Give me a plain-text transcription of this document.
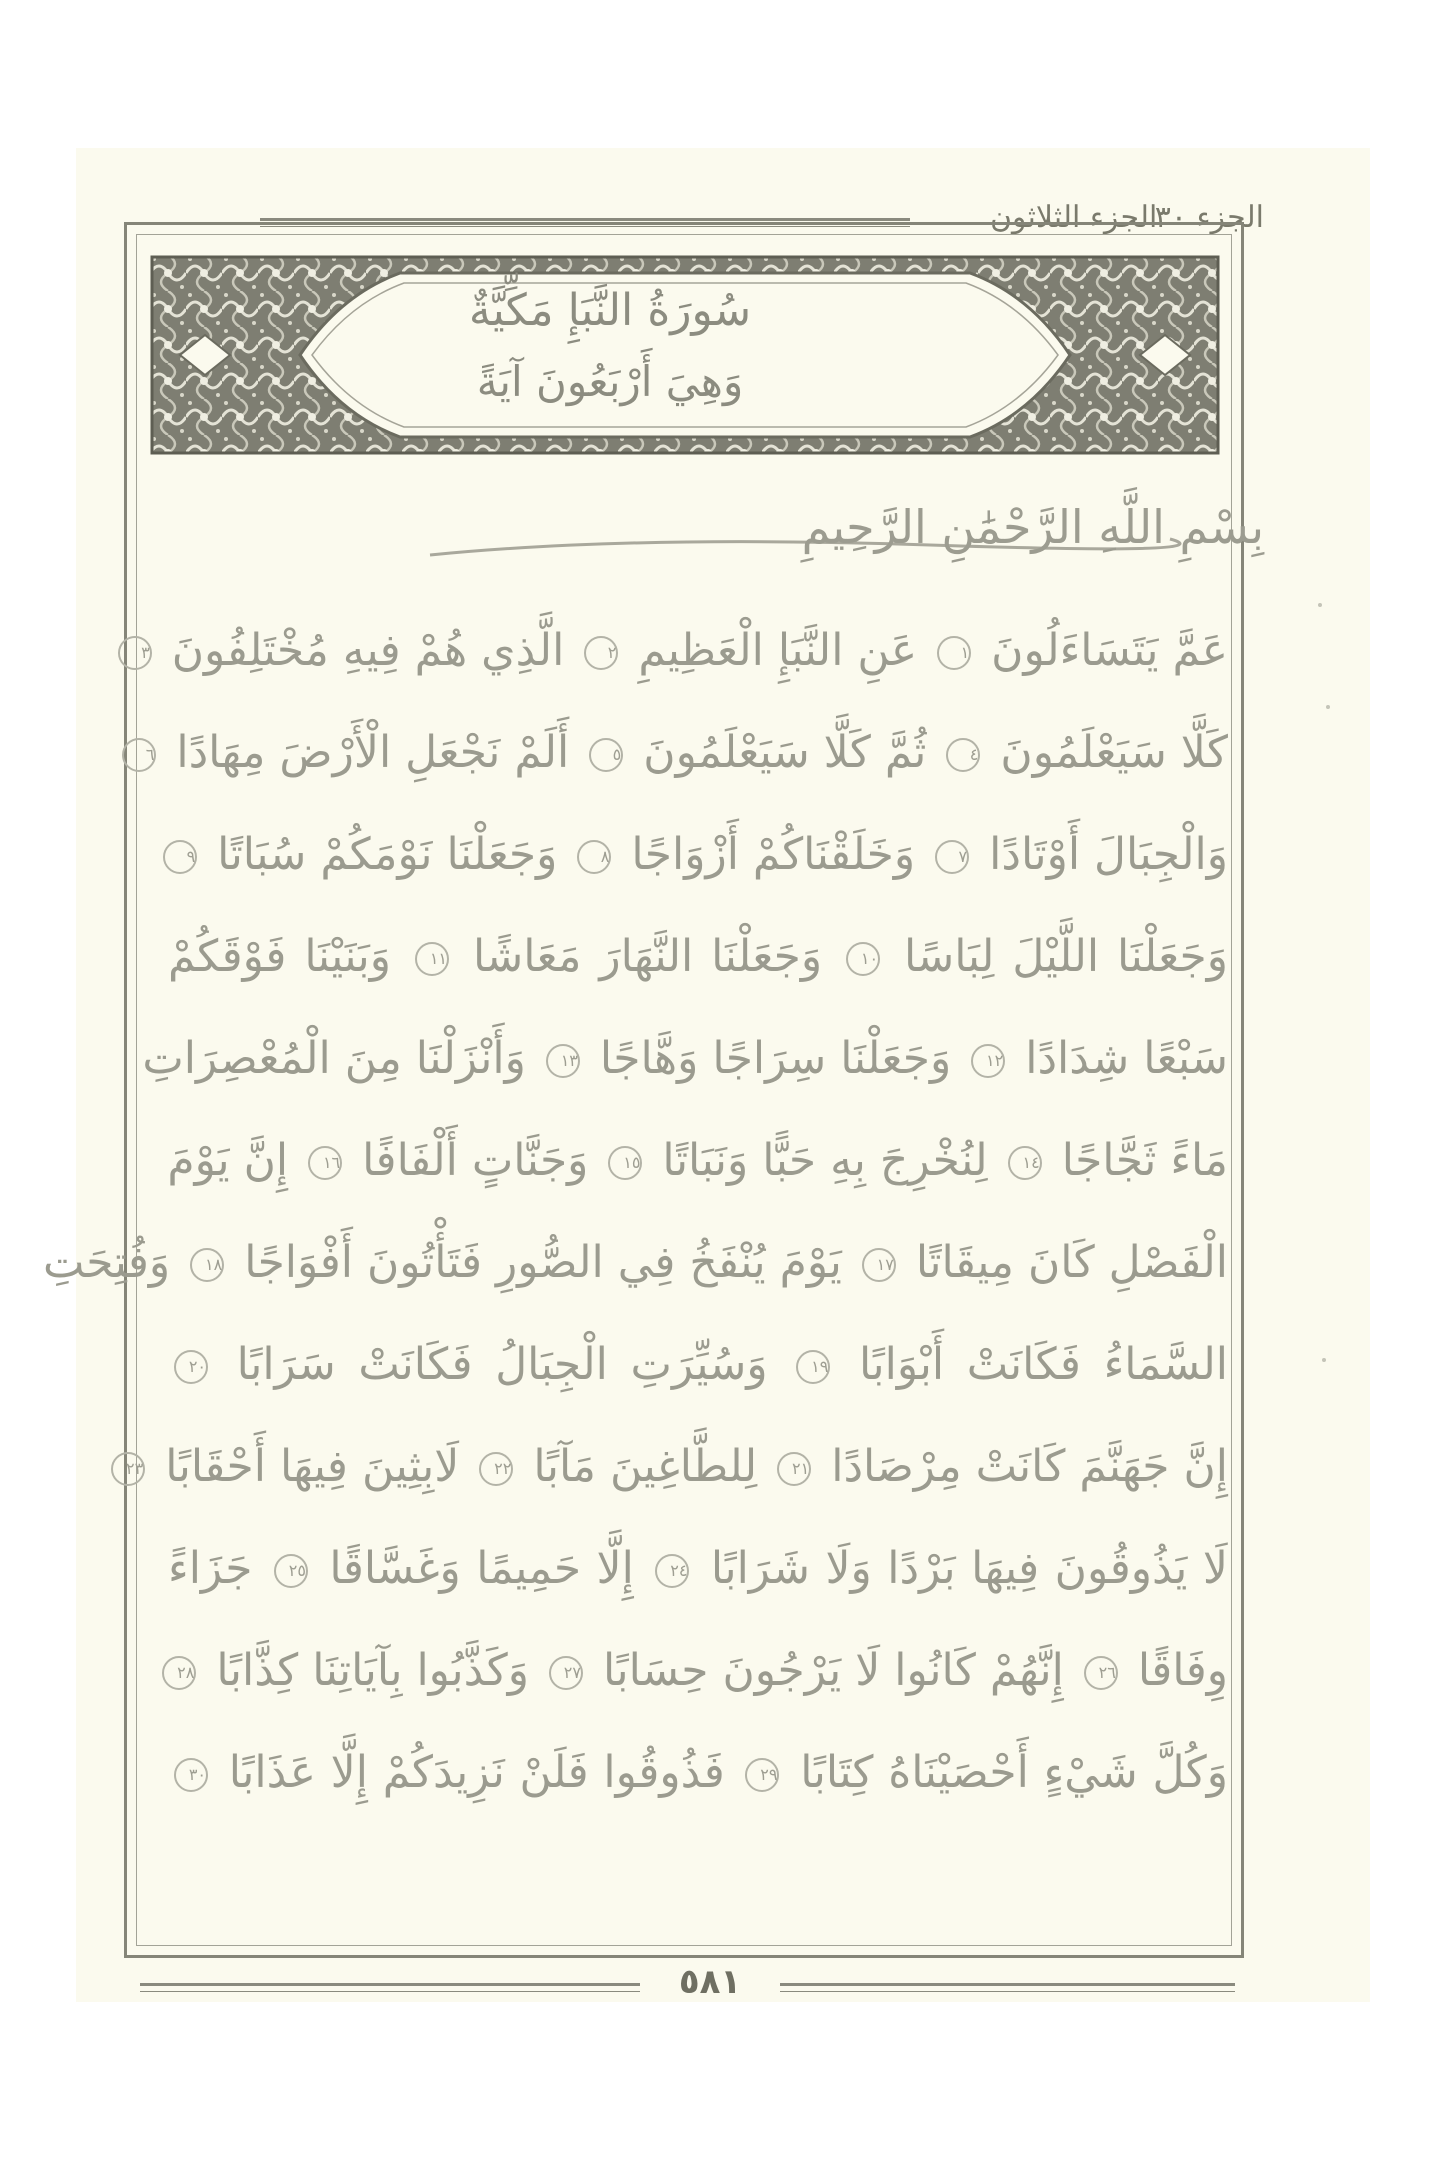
الجزء ٣٠
الجزء الثلاثون
سُورَةُ النَّبَإِ مَكِّيَّةٌ
وَهِيَ أَرْبَعُونَ آيَةً
بِسْمِ اللَّهِ الرَّحْمَٰنِ الرَّحِيمِ
عَمَّ يَتَسَاءَلُونَ ١ عَنِ النَّبَإِ الْعَظِيمِ ٢ الَّذِي هُمْ فِيهِ مُخْتَلِفُونَ ٣
كَلَّا سَيَعْلَمُونَ ٤ ثُمَّ كَلَّا سَيَعْلَمُونَ ٥ أَلَمْ نَجْعَلِ الْأَرْضَ مِهَادًا ٦
وَالْجِبَالَ أَوْتَادًا ٧ وَخَلَقْنَاكُمْ أَزْوَاجًا ٨ وَجَعَلْنَا نَوْمَكُمْ سُبَاتًا ٩
وَجَعَلْنَا اللَّيْلَ لِبَاسًا ١٠ وَجَعَلْنَا النَّهَارَ مَعَاشًا ١١ وَبَنَيْنَا فَوْقَكُمْ
سَبْعًا شِدَادًا ١٢ وَجَعَلْنَا سِرَاجًا وَهَّاجًا ١٣ وَأَنْزَلْنَا مِنَ الْمُعْصِرَاتِ
مَاءً ثَجَّاجًا ١٤ لِنُخْرِجَ بِهِ حَبًّا وَنَبَاتًا ١٥ وَجَنَّاتٍ أَلْفَافًا ١٦ إِنَّ يَوْمَ
الْفَصْلِ كَانَ مِيقَاتًا ١٧ يَوْمَ يُنْفَخُ فِي الصُّورِ فَتَأْتُونَ أَفْوَاجًا ١٨ وَفُتِحَتِ
السَّمَاءُ فَكَانَتْ أَبْوَابًا ١٩ وَسُيِّرَتِ الْجِبَالُ فَكَانَتْ سَرَابًا ٢٠
إِنَّ جَهَنَّمَ كَانَتْ مِرْصَادًا ٢١ لِلطَّاغِينَ مَآبًا ٢٢ لَابِثِينَ فِيهَا أَحْقَابًا ٢٣
لَا يَذُوقُونَ فِيهَا بَرْدًا وَلَا شَرَابًا ٢٤ إِلَّا حَمِيمًا وَغَسَّاقًا ٢٥ جَزَاءً
وِفَاقًا ٢٦ إِنَّهُمْ كَانُوا لَا يَرْجُونَ حِسَابًا ٢٧ وَكَذَّبُوا بِآيَاتِنَا كِذَّابًا ٢٨
وَكُلَّ شَيْءٍ أَحْصَيْنَاهُ كِتَابًا ٢٩ فَذُوقُوا فَلَنْ نَزِيدَكُمْ إِلَّا عَذَابًا ٣٠
٥٨١
